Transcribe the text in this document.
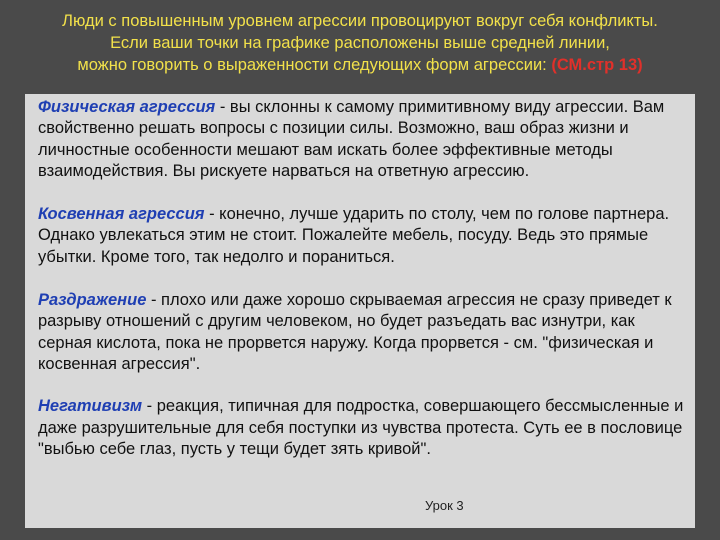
Люди с повышенным уровнем агрессии провоцируют вокруг себя конфликты.
Если ваши точки на графике расположены выше средней линии,
можно говорить о выраженности следующих форм агрессии: (СМ.стр 13)

Физическая агрессия - вы склонны к самому примитивному виду агрессии. Вам свойственно решать вопросы с позиции силы. Возможно, ваш образ жизни и личностные особенности мешают вам искать более эффективные методы взаимодействия. Вы рискуете нарваться на ответную агрессию.

Косвенная агрессия - конечно, лучше ударить по столу, чем по голове партнера. Однако увлекаться этим не стоит. Пожалейте мебель, посуду. Ведь это прямые убытки. Кроме того, так недолго и пораниться.

Раздражение - плохо или даже хорошо скрываемая агрессия не сразу приведет к разрыву отношений с другим человеком, но будет разъедать вас изнутри, как серная кислота, пока не прорвется наружу. Когда прорвется - см. "физическая и косвенная агрессия".

Негативизм - реакция, типичная для подростка, совершающего бессмысленные и даже разрушительные для себя поступки из чувства протеста. Суть ее в пословице "выбью себе глаз, пусть у тещи будет зять кривой".

Урок 3
